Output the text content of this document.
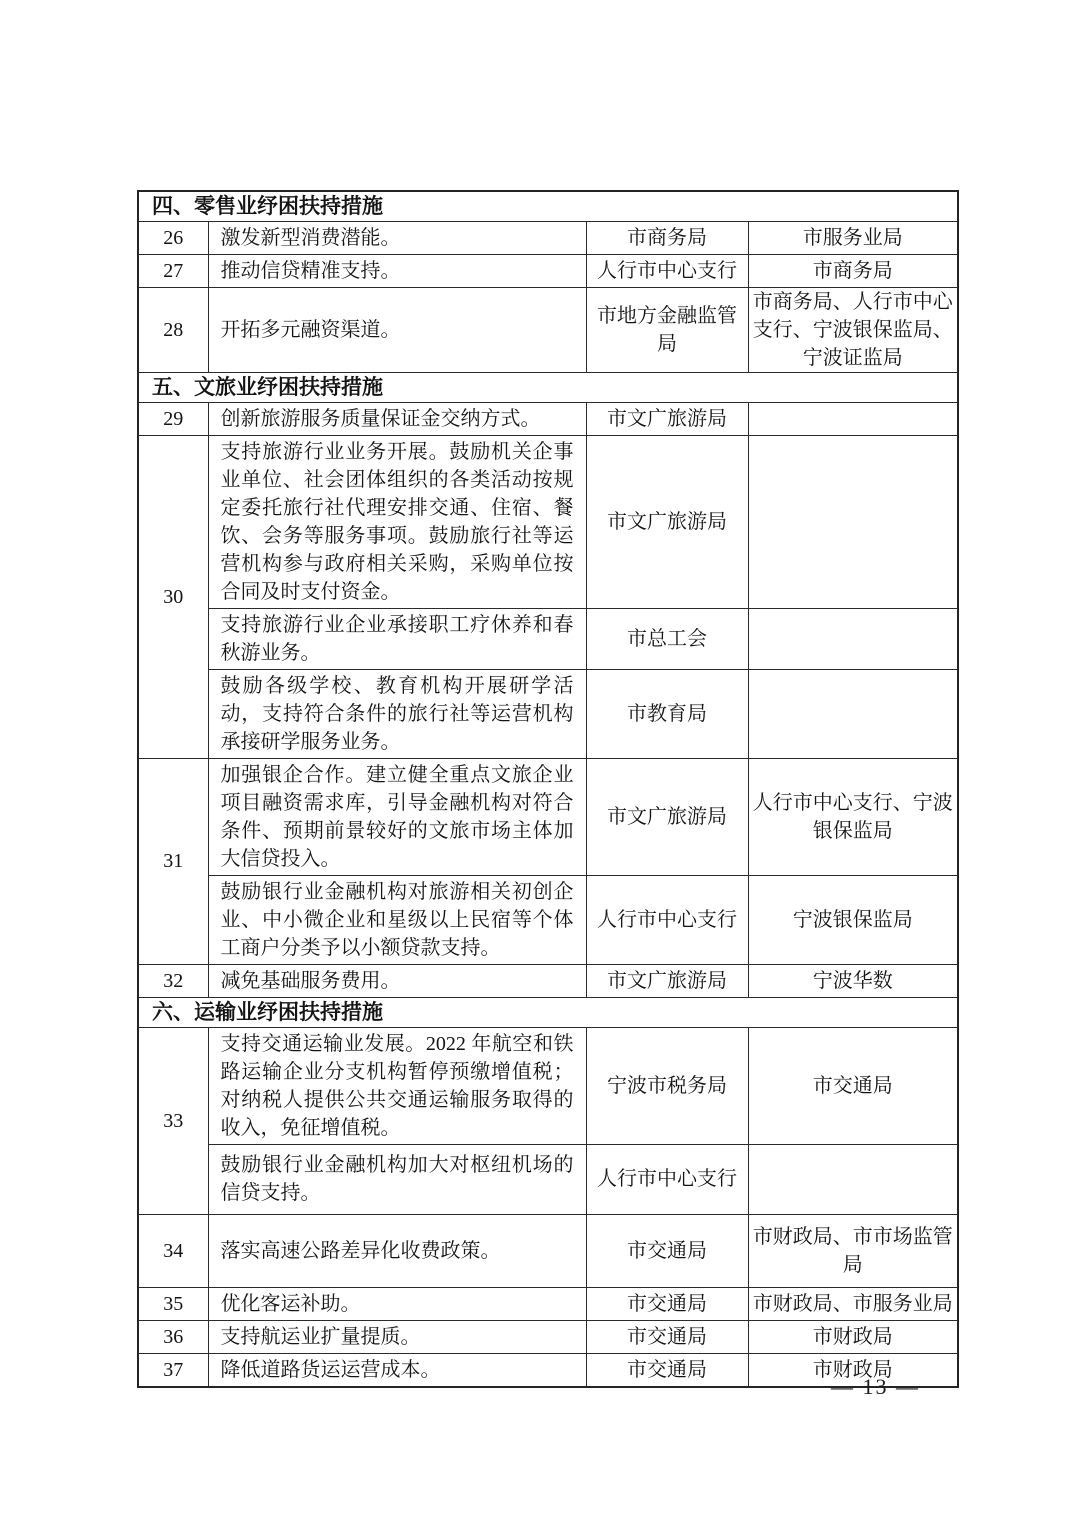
四、零售业纾困扶持措施			
26	激发新型消费潜能。	市商务局	市服务业局
27	推动信贷精准支持。	人行市中心支行	市商务局
28	开拓多元融资渠道。	市地方金融监管局	市商务局、人行市中心支行、宁波银保监局、宁波证监局
五、文旅业纾困扶持措施			
29	创新旅游服务质量保证金交纳方式。	市文广旅游局	
30	支持旅游行业业务开展。鼓励机关企事业单位、社会团体组织的各类活动按规定委托旅行社代理安排交通、住宿、餐饮、会务等服务事项。鼓励旅行社等运营机构参与政府相关采购，采购单位按合同及时支付资金。	市文广旅游局	
	支持旅游行业企业承接职工疗休养和春秋游业务。	市总工会	
	鼓励各级学校、教育机构开展研学活动，支持符合条件的旅行社等运营机构承接研学服务业务。	市教育局	
31	加强银企合作。建立健全重点文旅企业项目融资需求库，引导金融机构对符合条件、预期前景较好的文旅市场主体加大信贷投入。	市文广旅游局	人行市中心支行、宁波银保监局
	鼓励银行业金融机构对旅游相关初创企业、中小微企业和星级以上民宿等个体工商户分类予以小额贷款支持。	人行市中心支行	宁波银保监局
32	减免基础服务费用。	市文广旅游局	宁波华数
六、运输业纾困扶持措施			
33	支持交通运输业发展。2022 年航空和铁路运输企业分支机构暂停预缴增值税；对纳税人提供公共交通运输服务取得的收入，免征增值税。	宁波市税务局	市交通局
	鼓励银行业金融机构加大对枢纽机场的信贷支持。	人行市中心支行	
34	落实高速公路差异化收费政策。	市交通局	市财政局、市市场监管局
35	优化客运补助。	市交通局	市财政局、市服务业局
36	支持航运业扩量提质。	市交通局	市财政局
37	降低道路货运运营成本。	市交通局	市财政局
— 13 —
